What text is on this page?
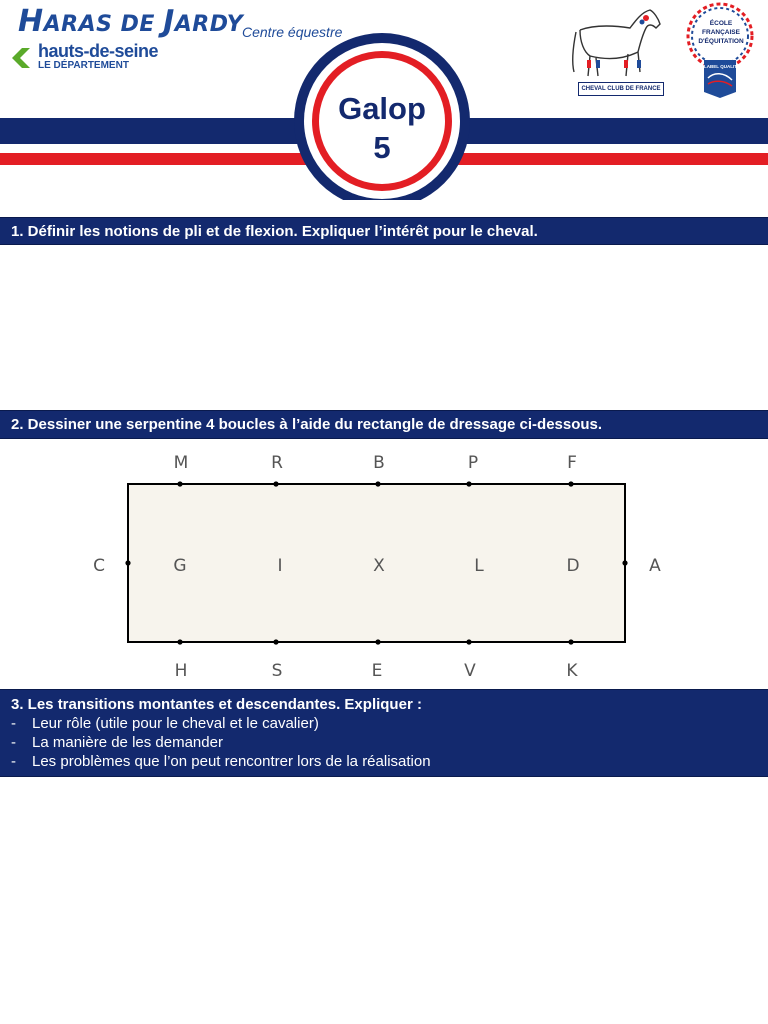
HARAS DE JARDY
Centre équestre
hauts-de-seine
LE DÉPARTEMENT
Galop
5
CHEVAL CLUB DE FRANCE
ÉCOLE
FRANÇAISE
D'ÉQUITATION
LABEL QUALITÉ
1. Définir les notions de pli et de flexion. Expliquer l’intérêt pour le cheval.
2. Dessiner une serpentine 4 boucles à l’aide du rectangle de dressage ci-dessous.
M	R	B	P	F
C	G	I	X	L	D	A
H	S	E	V	K
3. Les transitions montantes et descendantes. Expliquer :
- Leur rôle (utile pour le cheval et le cavalier)
- La manière de les demander
- Les problèmes que l’on peut rencontrer lors de la réalisation
